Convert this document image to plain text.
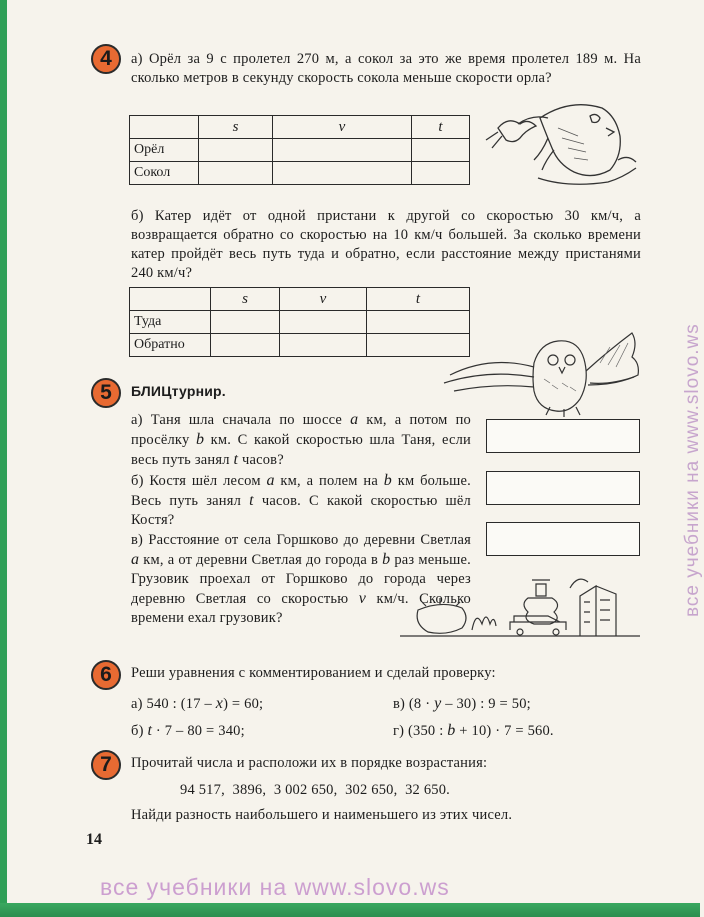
4	а) Орёл за 9 с пролетел 270 м, а сокол за это же время пролетел 189 м. На сколько метров в секунду скорость сокола меньше скорости орла?
	s	v	t
Орёл			
Сокол			
б) Катер идёт от одной пристани к другой со скоростью 30 км/ч, а возвращается обратно со скоростью на 10 км/ч большей. За сколько времени катер пройдёт весь путь туда и обратно, если расстояние между пристанями 240 км/ч?
	s	v	t
Туда			
Обратно			
5	БЛИЦтурнир.
а) Таня шла сначала по шоссе a км, а потом по просёлку b км. С какой скоростью шла Таня, если весь путь занял t часов?
б) Костя шёл лесом a км, а полем на b км больше. Весь путь занял t часов. С какой скоростью шёл Костя?
в) Расстояние от села Горшково до деревни Светлая a км, а от деревни Светлая до города в b раз меньше. Грузовик проехал от Горшково до города через деревню Светлая со скоростью v км/ч. Сколько времени ехал грузовик?
6	Реши уравнения с комментированием и сделай проверку:
а) 540 : (17 – x) = 60;	в) (8 · y – 30) : 9 = 50;
б) t · 7 – 80 = 340;	г) (350 : b + 10) · 7 = 560.
7	Прочитай числа и расположи их в порядке возрастания:
94 517,  3896,  3 002 650,  302 650,  32 650.
Найди разность наибольшего и наименьшего из этих чисел.
14
все учебники на www.slovo.ws
все учебники на www.slovo.ws
